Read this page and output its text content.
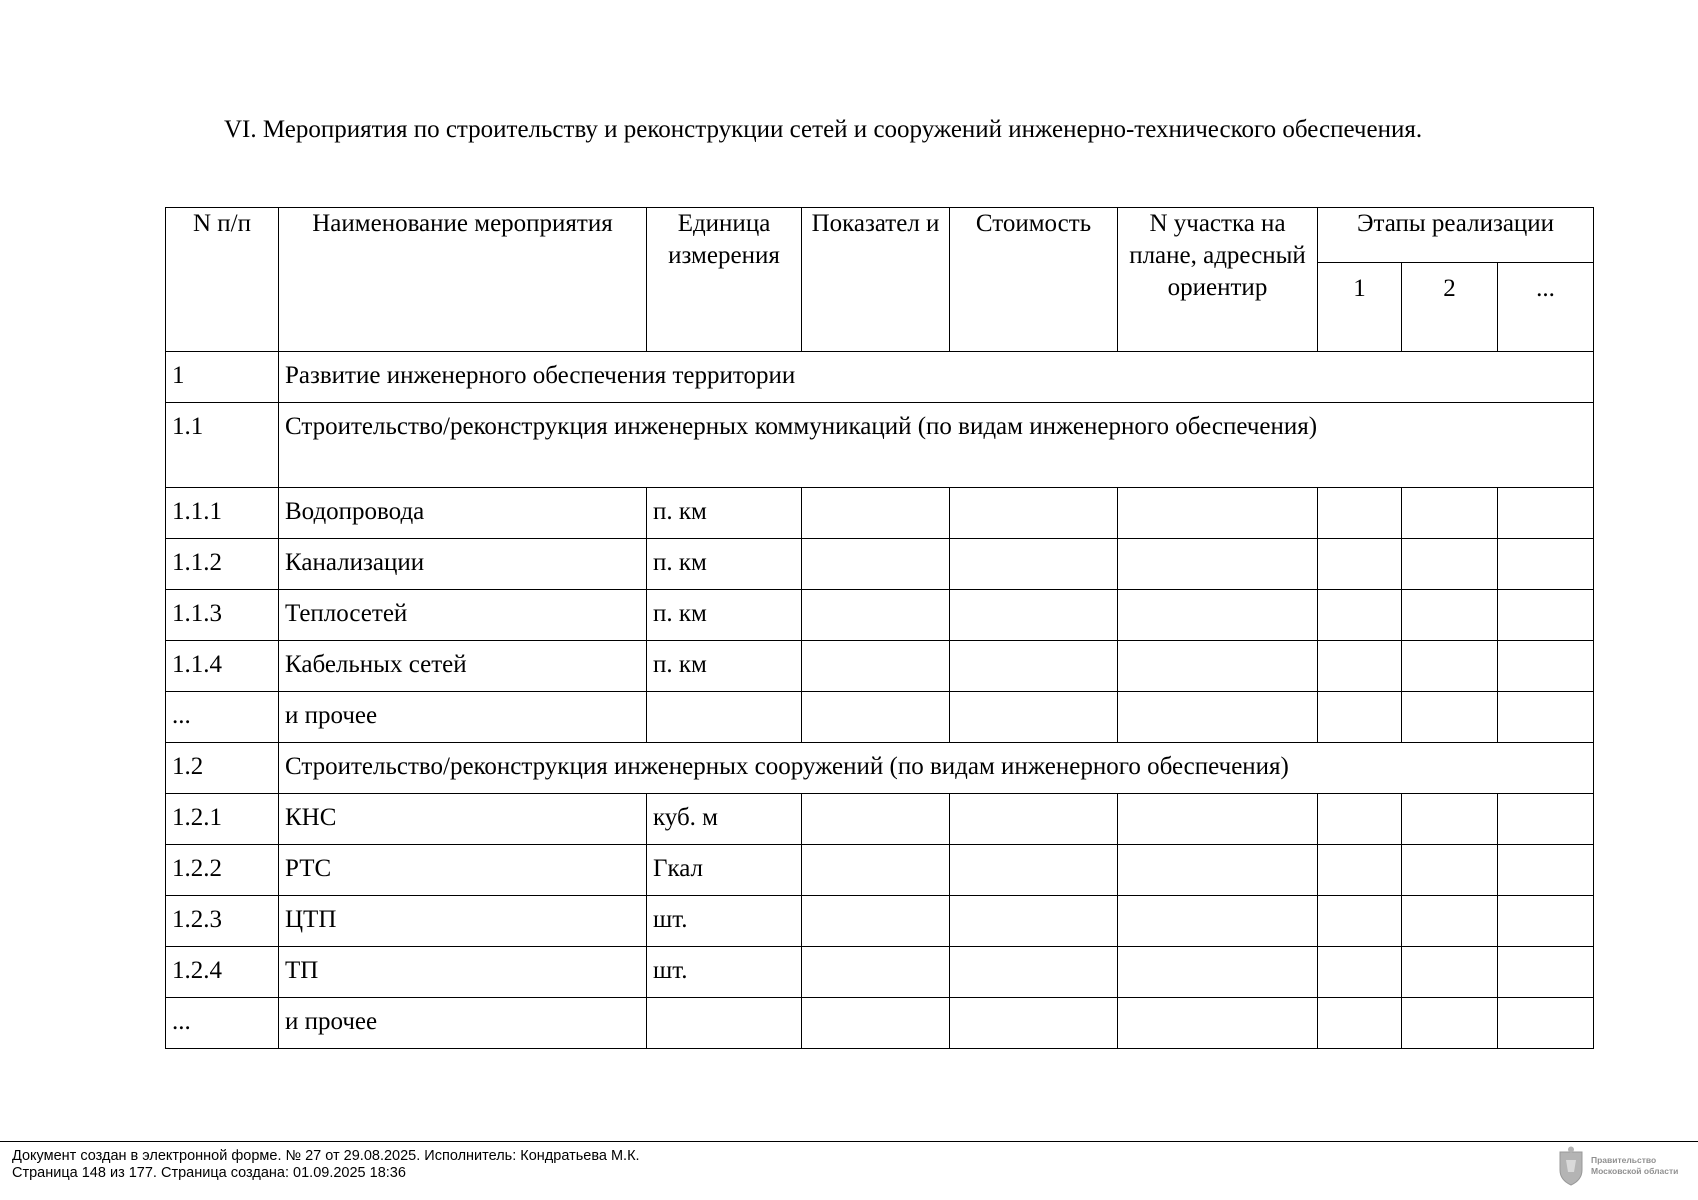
VI. Мероприятия по строительству и реконструкции сетей и сооружений инженерно-технического обеспечения.
N п/п	Наименование мероприятия	Единица измерения	Показател и	Стоимость	N участка на плане, адресный ориентир	Этапы реализации		
						1	2	...
1	Развитие инженерного обеспечения территории							
1.1	Строительство/реконструкция инженерных коммуникаций (по видам инженерного обеспечения)							
1.1.1	Водопровода	п. км						
1.1.2	Канализации	п. км						
1.1.3	Теплосетей	п. км						
1.1.4	Кабельных сетей	п. км						
...	и прочее							
1.2	Строительство/реконструкция инженерных сооружений (по видам инженерного обеспечения)							
1.2.1	КНС	куб. м						
1.2.2	РТС	Гкал						
1.2.3	ЦТП	шт.						
1.2.4	ТП	шт.						
...	и прочее							
Документ создан в электронной форме. № 27 от 29.08.2025. Исполнитель: Кондратьева М.К.
Страница 148 из 177. Страница создана: 01.09.2025 18:36
Правительство
Московской области
